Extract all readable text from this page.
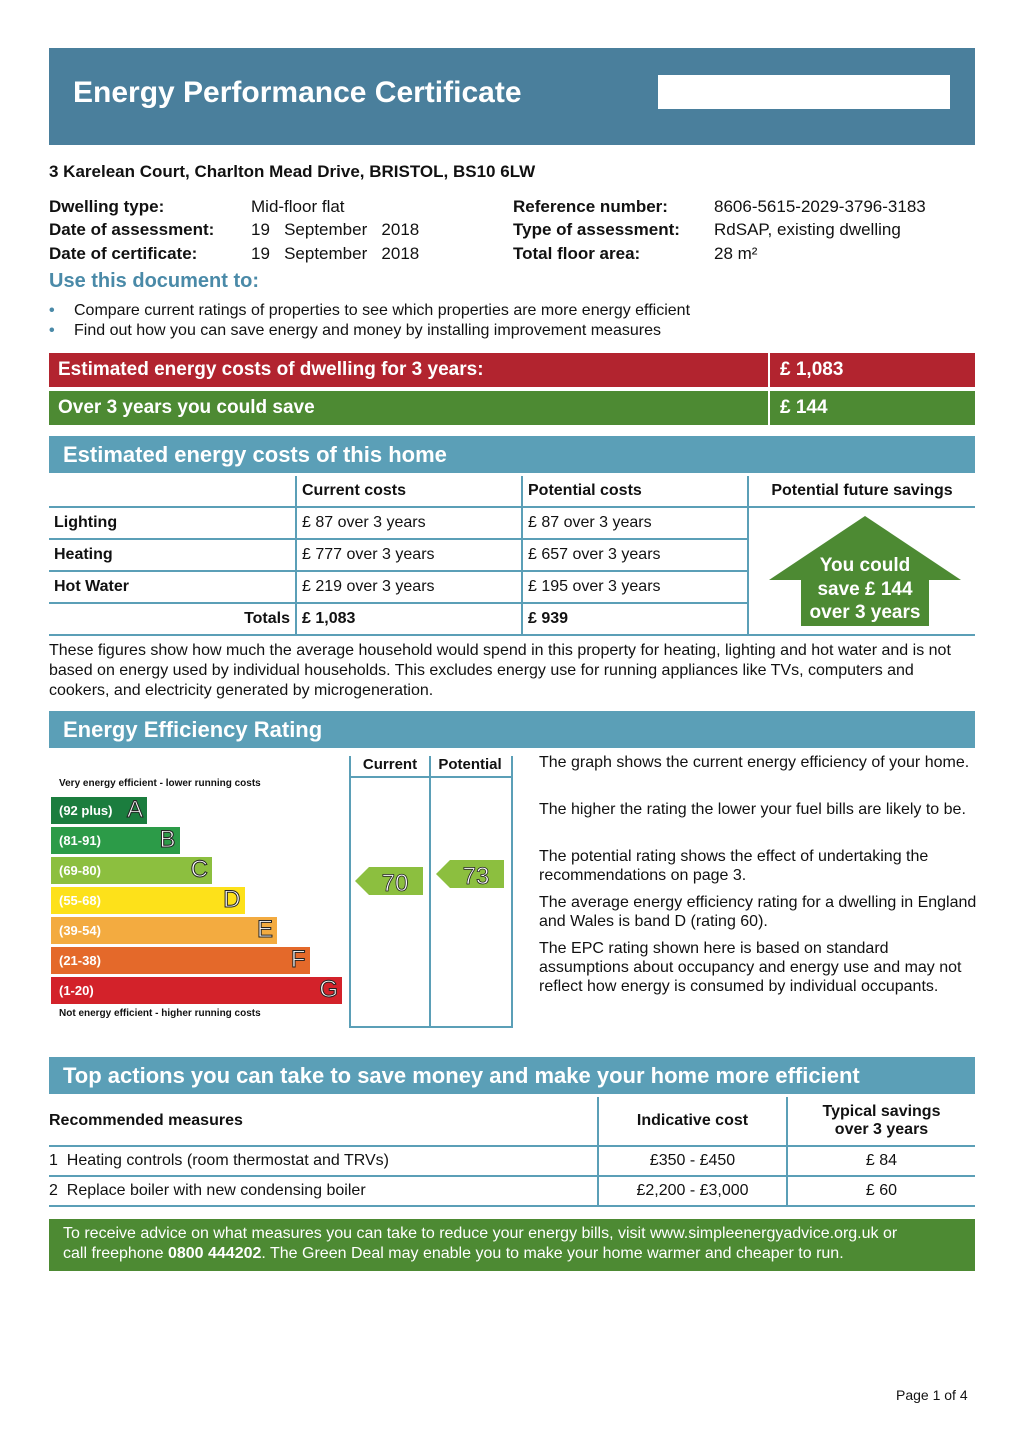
Energy Performance Certificate
3 Karelean Court, Charlton Mead Drive, BRISTOL, BS10 6LW
Dwelling type:	Mid-floor flat
Date of assessment: 19   September   2018
Date of certificate:	19   September   2018
Reference number:	8606-5615-2029-3796-3183
Type of assessment: RdSAP, existing dwelling
Total floor area:	28 m²
Use this document to:
• Compare current ratings of properties to see which properties are more energy efficient
• Find out how you can save energy and money by installing improvement measures
Estimated energy costs of dwelling for 3 years:	£ 1,083
Over 3 years you could save	£ 144
Estimated energy costs of this home
	Current costs	Potential costs	Potential future savings
Lighting	£ 87 over 3 years	£ 87 over 3 years	You could
save £ 144
over 3 years

Heating	£ 777 over 3 years	£ 657 over 3 years	
Hot Water	£ 219 over 3 years	£ 195 over 3 years	
Totals	£ 1,083	£ 939	
These figures show how much the average household would spend in this property for heating, lighting and hot water and is not based on energy used by individual households. This excludes energy use for running appliances like TVs, computers and cookers, and electricity generated by microgeneration.
Energy Efficiency Rating
Current	Potential
Very energy efficient - lower running costs
(92 plus) A
(81-91) B
(69-80)	C
(55-68)	D
(39-54)	E
(21-38)	F
(1-20)	G
Not energy efficient - higher running costs
70 73
The graph shows the current energy efficiency of your home.
The higher the rating the lower your fuel bills are likely to be.
The potential rating shows the effect of undertaking the recommendations on page 3.
The average energy efficiency rating for a dwelling in England and Wales is band D (rating 60).
The EPC rating shown here is based on standard assumptions about occupancy and energy use and may not reflect how energy is consumed by individual occupants.
Top actions you can take to save money and make your home more efficient
Recommended measures	Indicative cost	Typical savings
over 3 years

1 Heating controls (room thermostat and TRVs)	£350 - £450	£ 84
2 Replace boiler with new condensing boiler	£2,200 - £3,000	£ 60
To receive advice on what measures you can take to reduce your energy bills, visit www.simpleenergyadvice.org.uk or
call freephone 0800 444202. The Green Deal may enable you to make your home warmer and cheaper to run.
Page 1 of 4
